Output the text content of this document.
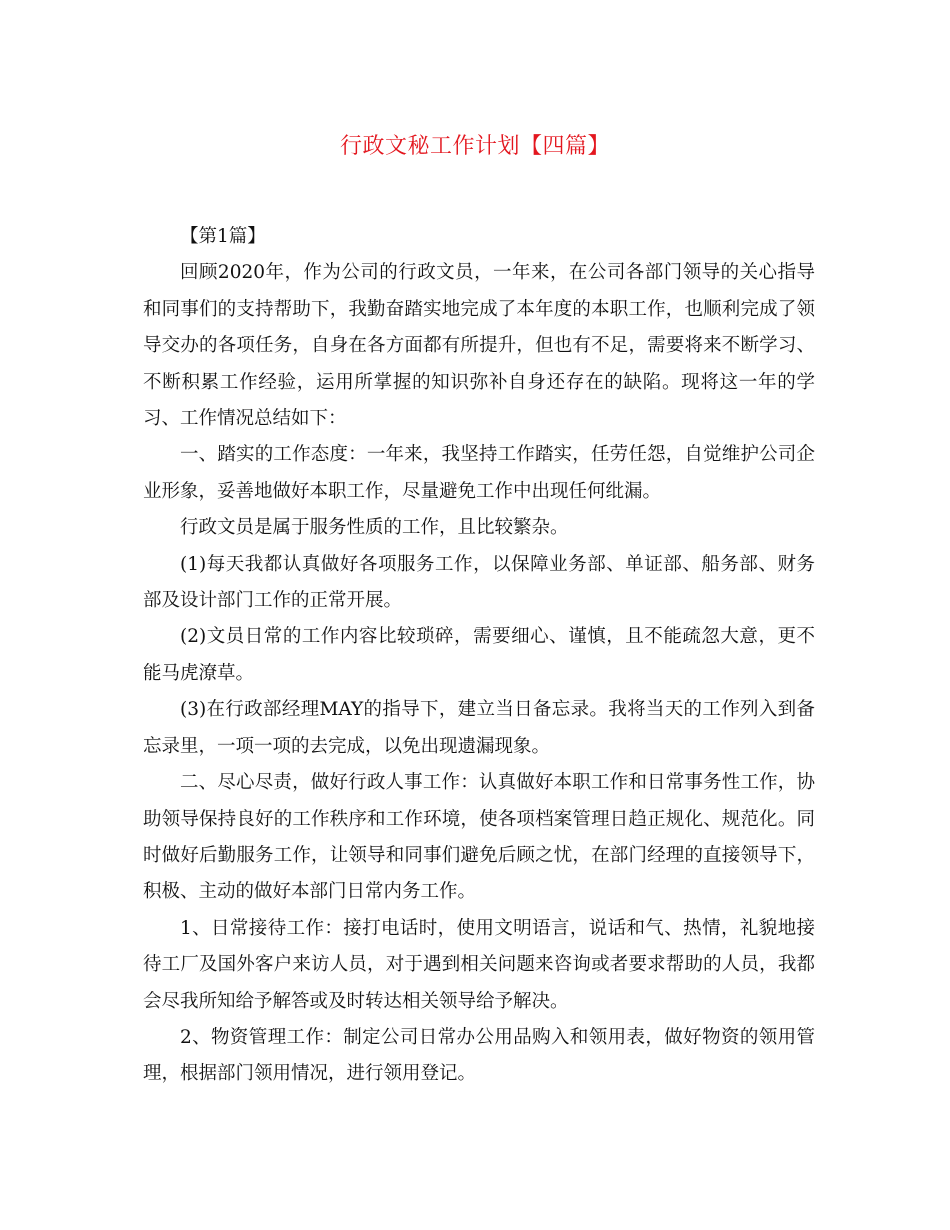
行政文秘工作计划【四篇】

【第1篇】

回顾2020年，作为公司的行政文员，一年来，在公司各部门领导的关心指导和同事们的支持帮助下，我勤奋踏实地完成了本年度的本职工作，也顺利完成了领导交办的各项任务，自身在各方面都有所提升，但也有不足，需要将来不断学习、不断积累工作经验，运用所掌握的知识弥补自身还存在的缺陷。现将这一年的学习、工作情况总结如下：

一、踏实的工作态度：一年来，我坚持工作踏实，任劳任怨，自觉维护公司企业形象，妥善地做好本职工作，尽量避免工作中出现任何纰漏。

行政文员是属于服务性质的工作，且比较繁杂。

(1)每天我都认真做好各项服务工作，以保障业务部、单证部、船务部、财务部及设计部门工作的正常开展。

(2)文员日常的工作内容比较琐碎，需要细心、谨慎，且不能疏忽大意，更不能马虎潦草。

(3)在行政部经理MAY的指导下，建立当日备忘录。我将当天的工作列入到备忘录里，一项一项的去完成，以免出现遗漏现象。

二、尽心尽责，做好行政人事工作：认真做好本职工作和日常事务性工作，协助领导保持良好的工作秩序和工作环境，使各项档案管理日趋正规化、规范化。同时做好后勤服务工作，让领导和同事们避免后顾之忧，在部门经理的直接领导下，积极、主动的做好本部门日常内务工作。

1、日常接待工作：接打电话时，使用文明语言，说话和气、热情，礼貌地接待工厂及国外客户来访人员，对于遇到相关问题来咨询或者要求帮助的人员，我都会尽我所知给予解答或及时转达相关领导给予解决。

2、物资管理工作：制定公司日常办公用品购入和领用表，做好物资的领用管理，根据部门领用情况，进行领用登记。
